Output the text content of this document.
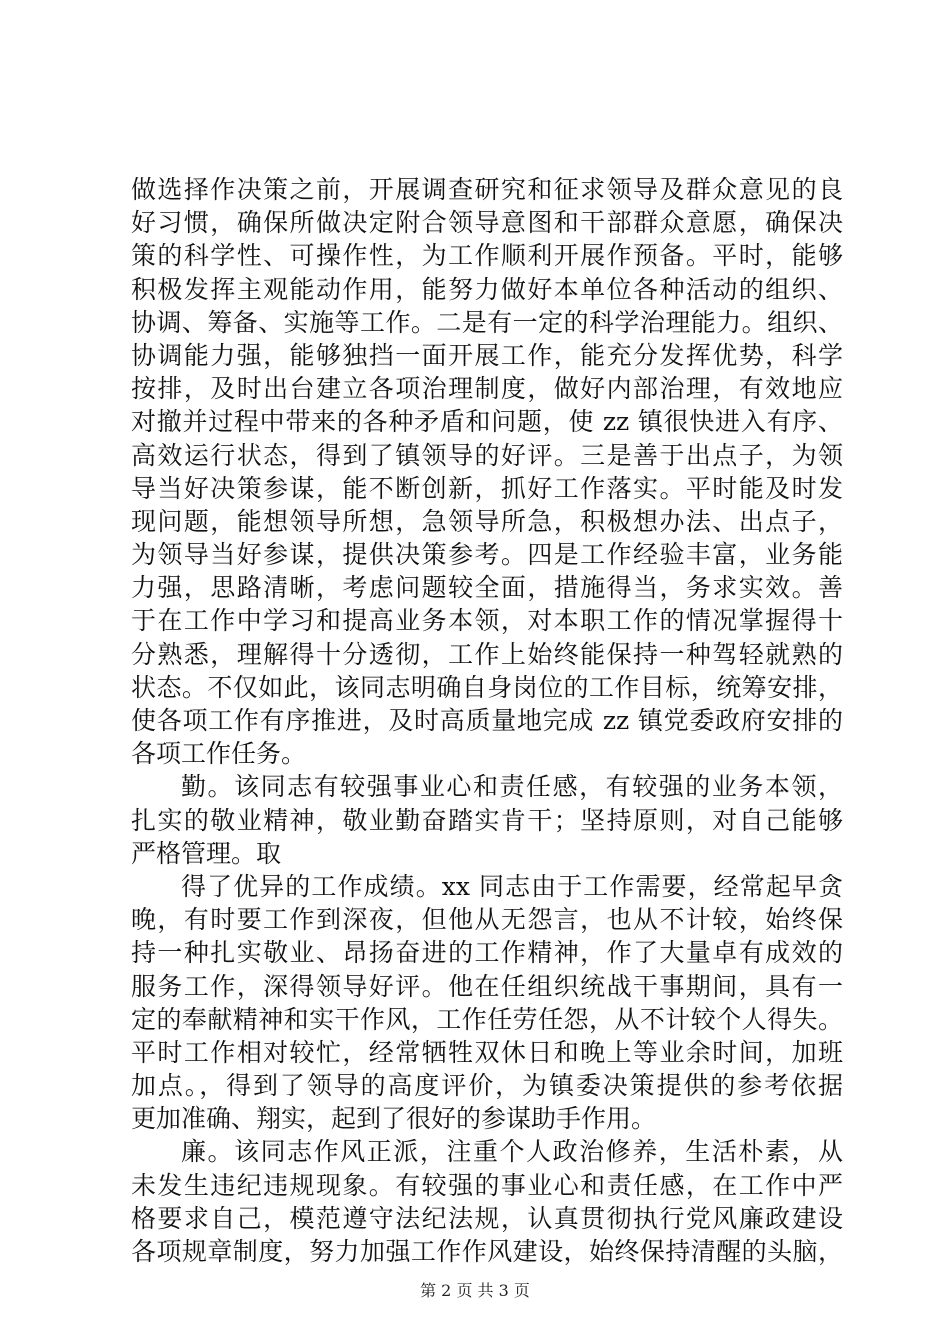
做选择作决策之前，开展调查研究和征求领导及群众意见的良
好习惯，确保所做决定附合领导意图和干部群众意愿，确保决
策的科学性、可操作性，为工作顺利开展作预备。平时，能够
积极发挥主观能动作用，能努力做好本单位各种活动的组织、
协调、筹备、实施等工作。二是有一定的科学治理能力。组织、
协调能力强，能够独挡一面开展工作，能充分发挥优势，科学
按排，及时出台建立各项治理制度，做好内部治理，有效地应
对撤并过程中带来的各种矛盾和问题，使 zz 镇很快进入有序、
高效运行状态，得到了镇领导的好评。三是善于出点子，为领
导当好决策参谋，能不断创新，抓好工作落实。平时能及时发
现问题，能想领导所想，急领导所急，积极想办法、出点子，
为领导当好参谋，提供决策参考。四是工作经验丰富，业务能
力强，思路清晰，考虑问题较全面，措施得当，务求实效。善
于在工作中学习和提高业务本领，对本职工作的情况掌握得十
分熟悉，理解得十分透彻，工作上始终能保持一种驾轻就熟的
状态。不仅如此，该同志明确自身岗位的工作目标，统筹安排，
使各项工作有序推进，及时高质量地完成 zz 镇党委政府安排的
各项工作任务。
勤。该同志有较强事业心和责任感，有较强的业务本领，
扎实的敬业精神，敬业勤奋踏实肯干；坚持原则，对自己能够
严格管理。取
得了优异的工作成绩。xx 同志由于工作需要，经常起早贪
晚，有时要工作到深夜，但他从无怨言，也从不计较，始终保
持一种扎实敬业、昂扬奋进的工作精神，作了大量卓有成效的
服务工作，深得领导好评。他在任组织统战干事期间，具有一
定的奉献精神和实干作风，工作任劳任怨，从不计较个人得失。
平时工作相对较忙，经常牺牲双休日和晚上等业余时间，加班
加点。，得到了领导的高度评价，为镇委决策提供的参考依据
更加准确、翔实，起到了很好的参谋助手作用。
廉。该同志作风正派，注重个人政治修养，生活朴素，从
未发生违纪违规现象。有较强的事业心和责任感，在工作中严
格要求自己，模范遵守法纪法规，认真贯彻执行党风廉政建设
各项规章制度，努力加强工作作风建设，始终保持清醒的头脑，
第 2 页 共 3 页
